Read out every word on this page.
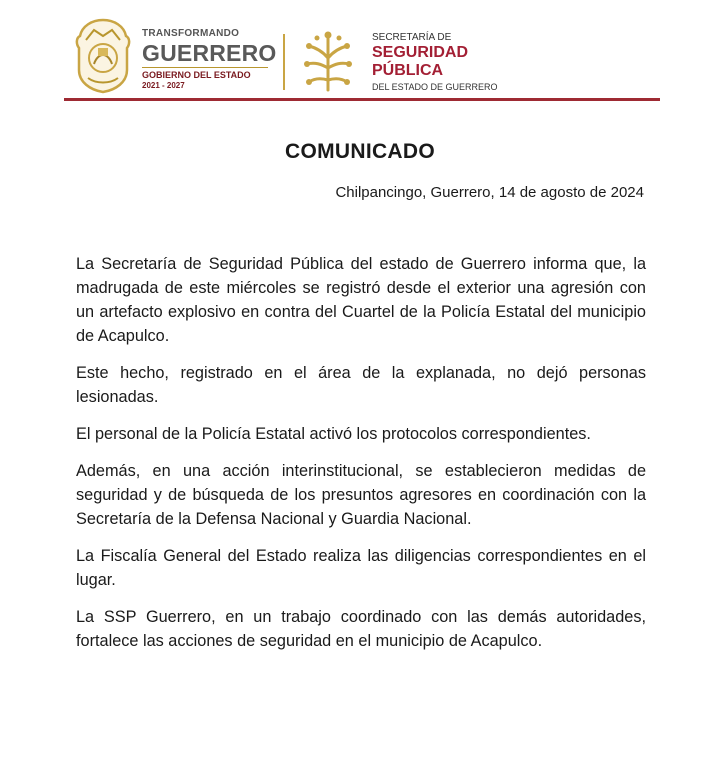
TRANSFORMANDO
GUERRERO
GOBIERNO DEL ESTADO
2021 - 2027
SECRETARÍA DE
SEGURIDAD
PÚBLICA
DEL ESTADO DE GUERRERO
COMUNICADO
Chilpancingo, Guerrero, 14 de agosto de 2024

La Secretaría de Seguridad Pública del estado de Guerrero informa que, la madrugada de este miércoles se registró desde el exterior una agresión con un artefacto explosivo en contra del Cuartel de la Policía Estatal del municipio de Acapulco.

Este hecho, registrado en el área de la explanada, no dejó personas lesionadas.

El personal de la Policía Estatal activó los protocolos correspondientes.

Además, en una acción interinstitucional, se establecieron medidas de seguridad y de búsqueda de los presuntos agresores en coordinación con la Secretaría de la Defensa Nacional y Guardia Nacional.

La Fiscalía General del Estado realiza las diligencias correspondientes en el lugar.

La SSP Guerrero, en un trabajo coordinado con las demás autoridades, fortalece las acciones de seguridad en el municipio de Acapulco.
